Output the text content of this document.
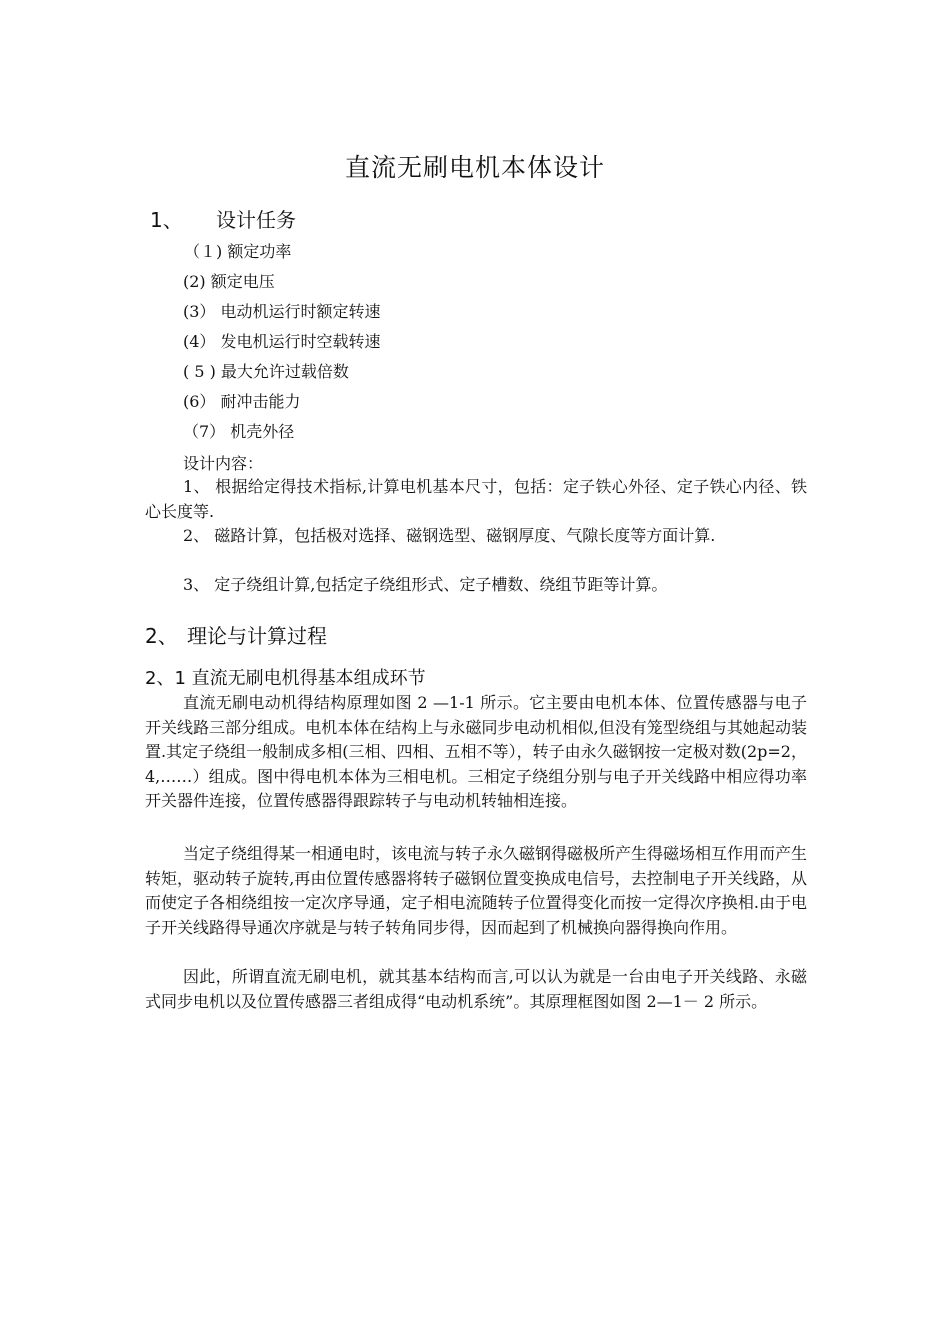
直流无刷电机本体设计
1、 设计任务
（１) 额定功率
(2) 额定电压
(3） 电动机运行时额定转速
(4） 发电机运行时空载转速
( 5 ) 最大允许过载倍数
(6） 耐冲击能力
（7） 机壳外径
设计内容：
1、 根据给定得技术指标,计算电机基本尺寸，包括：定子铁心外径、定子铁心内径、铁心长度等.
2、 磁路计算，包括极对选择、磁钢选型、磁钢厚度、气隙长度等方面计算.
3、 定子绕组计算,包括定子绕组形式、定子槽数、绕组节距等计算。
2、 理论与计算过程
2、1 直流无刷电机得基本组成环节
直流无刷电动机得结构原理如图 2 —1-1 所示。它主要由电机本体、位置传感器与电子开关线路三部分组成。电机本体在结构上与永磁同步电动机相似,但没有笼型绕组与其她起动装置.其定子绕组一般制成多相(三相、四相、五相不等），转子由永久磁钢按一定极对数(2p=2，4,……）组成。图中得电机本体为三相电机。三相定子绕组分别与电子开关线路中相应得功率开关器件连接，位置传感器得跟踪转子与电动机转轴相连接。
当定子绕组得某一相通电时，该电流与转子永久磁钢得磁极所产生得磁场相互作用而产生转矩，驱动转子旋转,再由位置传感器将转子磁钢位置变换成电信号，去控制电子开关线路，从而使定子各相绕组按一定次序导通，定子相电流随转子位置得变化而按一定得次序换相.由于电子开关线路得导通次序就是与转子转角同步得，因而起到了机械换向器得换向作用。
因此，所谓直流无刷电机，就其基本结构而言,可以认为就是一台由电子开关线路、永磁式同步电机以及位置传感器三者组成得“电动机系统”。其原理框图如图 2—1－ 2 所示。
